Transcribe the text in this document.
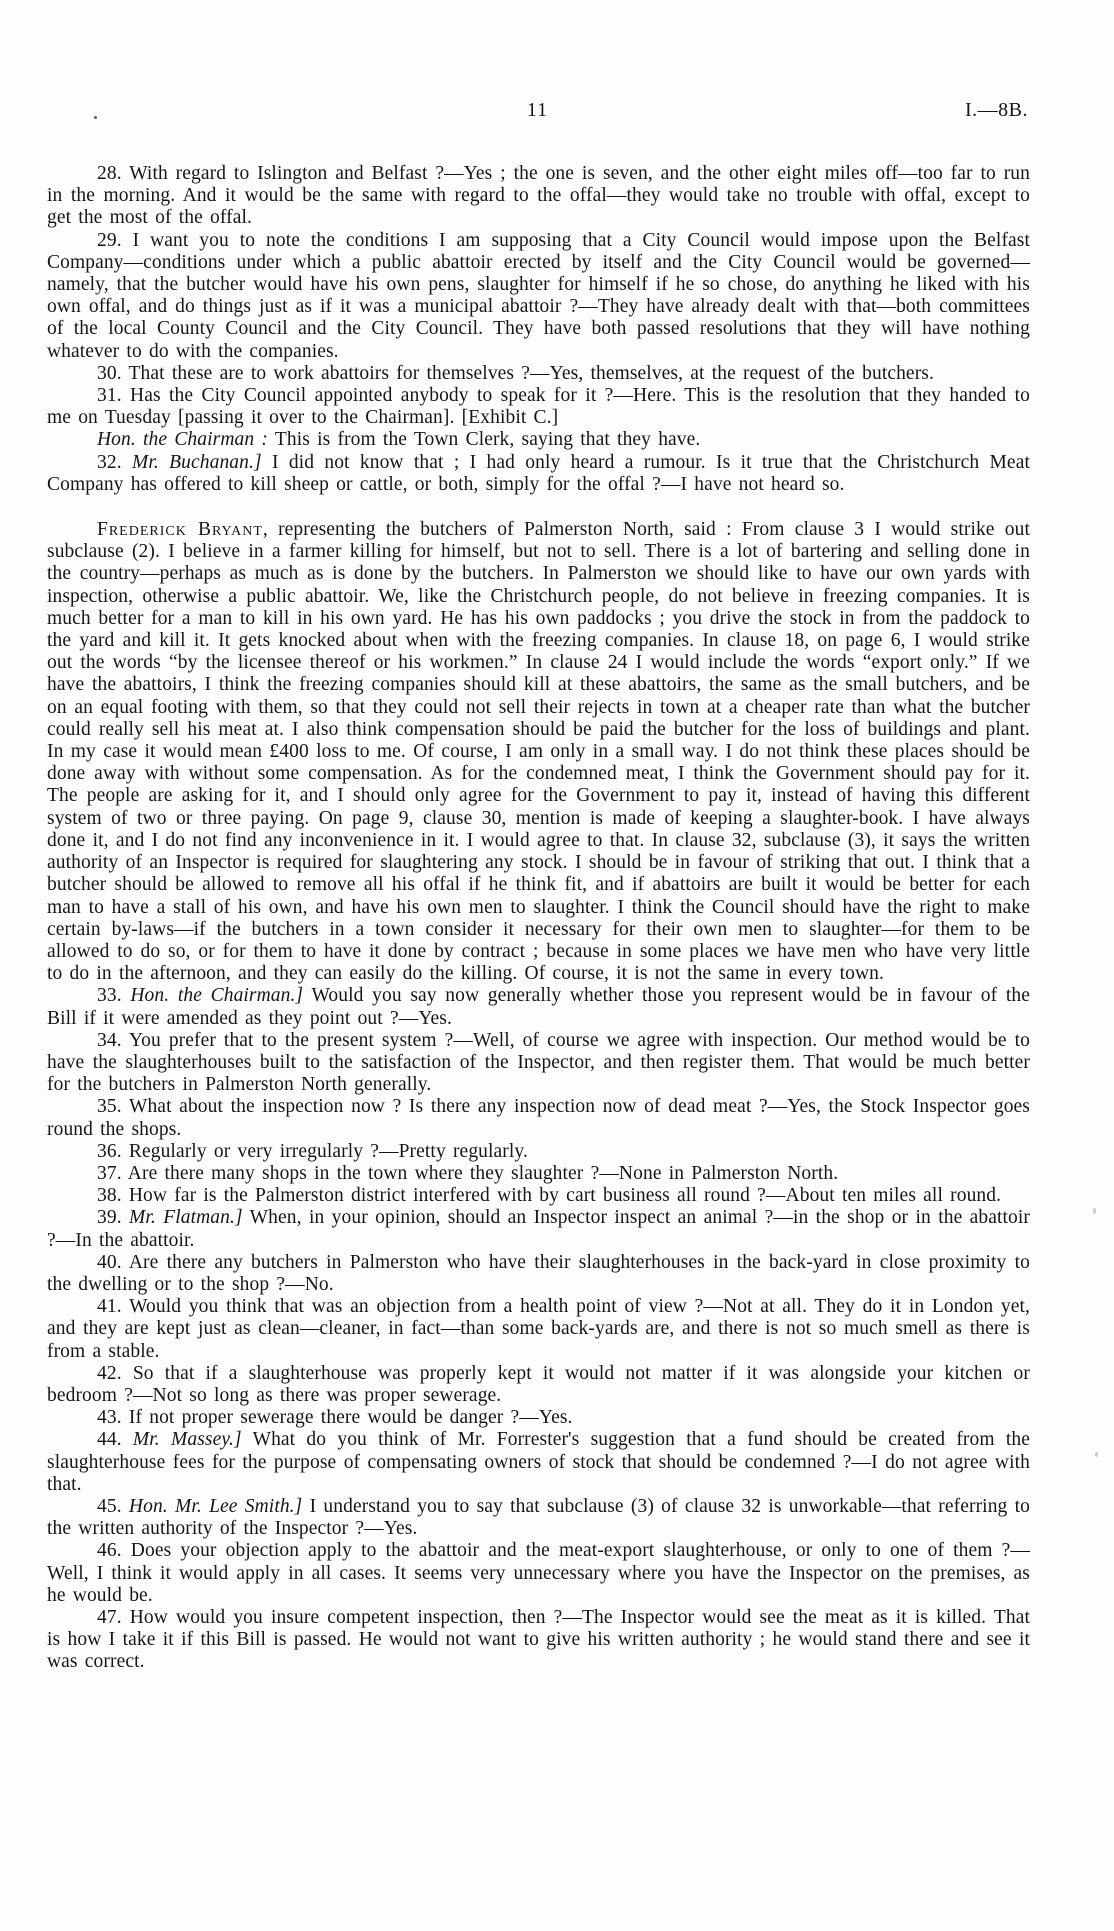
11	I.—8B.

28. With regard to Islington and Belfast ?—Yes ; the one is seven, and the other eight miles off—too far to run in the morning. And it would be the same with regard to the offal—they would take no trouble with offal, except to get the most of the offal.

29. I want you to note the conditions I am supposing that a City Council would impose upon the Belfast Company—conditions under which a public abattoir erected by itself and the City Council would be governed—namely, that the butcher would have his own pens, slaughter for himself if he so chose, do anything he liked with his own offal, and do things just as if it was a municipal abattoir ?—They have already dealt with that—both committees of the local County Council and the City Council. They have both passed resolutions that they will have nothing whatever to do with the companies.

30. That these are to work abattoirs for themselves ?—Yes, themselves, at the request of the butchers.

31. Has the City Council appointed anybody to speak for it ?—Here. This is the resolution that they handed to me on Tuesday [passing it over to the Chairman]. [Exhibit C.]

Hon. the Chairman : This is from the Town Clerk, saying that they have.

32. Mr. Buchanan.] I did not know that ; I had only heard a rumour. Is it true that the Christchurch Meat Company has offered to kill sheep or cattle, or both, simply for the offal ?—I have not heard so.

Frederick Bryant, representing the butchers of Palmerston North, said : From clause 3 I would strike out subclause (2). I believe in a farmer killing for himself, but not to sell. There is a lot of bartering and selling done in the country—perhaps as much as is done by the butchers. In Palmerston we should like to have our own yards with inspection, otherwise a public abattoir. We, like the Christchurch people, do not believe in freezing companies. It is much better for a man to kill in his own yard. He has his own paddocks ; you drive the stock in from the paddock to the yard and kill it. It gets knocked about when with the freezing companies. In clause 18, on page 6, I would strike out the words “by the licensee thereof or his workmen.” In clause 24 I would include the words “export only.” If we have the abattoirs, I think the freezing companies should kill at these abattoirs, the same as the small butchers, and be on an equal footing with them, so that they could not sell their rejects in town at a cheaper rate than what the butcher could really sell his meat at. I also think compensation should be paid the butcher for the loss of buildings and plant. In my case it would mean £400 loss to me. Of course, I am only in a small way. I do not think these places should be done away with without some compensation. As for the condemned meat, I think the Government should pay for it. The people are asking for it, and I should only agree for the Government to pay it, instead of having this different system of two or three paying. On page 9, clause 30, mention is made of keeping a slaughter-book. I have always done it, and I do not find any inconvenience in it. I would agree to that. In clause 32, subclause (3), it says the written authority of an Inspector is required for slaughtering any stock. I should be in favour of striking that out. I think that a butcher should be allowed to remove all his offal if he think fit, and if abattoirs are built it would be better for each man to have a stall of his own, and have his own men to slaughter. I think the Council should have the right to make certain by-laws—if the butchers in a town consider it necessary for their own men to slaughter—for them to be allowed to do so, or for them to have it done by contract ; because in some places we have men who have very little to do in the afternoon, and they can easily do the killing. Of course, it is not the same in every town.

33. Hon. the Chairman.] Would you say now generally whether those you represent would be in favour of the Bill if it were amended as they point out ?—Yes.

34. You prefer that to the present system ?—Well, of course we agree with inspection. Our method would be to have the slaughterhouses built to the satisfaction of the Inspector, and then register them. That would be much better for the butchers in Palmerston North generally.

35. What about the inspection now ? Is there any inspection now of dead meat ?—Yes, the Stock Inspector goes round the shops.

36. Regularly or very irregularly ?—Pretty regularly.

37. Are there many shops in the town where they slaughter ?—None in Palmerston North.

38. How far is the Palmerston district interfered with by cart business all round ?—About ten miles all round.

39. Mr. Flatman.] When, in your opinion, should an Inspector inspect an animal ?—in the shop or in the abattoir ?—In the abattoir.

40. Are there any butchers in Palmerston who have their slaughterhouses in the back-yard in close proximity to the dwelling or to the shop ?—No.

41. Would you think that was an objection from a health point of view ?—Not at all. They do it in London yet, and they are kept just as clean—cleaner, in fact—than some back-yards are, and there is not so much smell as there is from a stable.

42. So that if a slaughterhouse was properly kept it would not matter if it was alongside your kitchen or bedroom ?—Not so long as there was proper sewerage.

43. If not proper sewerage there would be danger ?—Yes.

44. Mr. Massey.] What do you think of Mr. Forrester's suggestion that a fund should be created from the slaughterhouse fees for the purpose of compensating owners of stock that should be condemned ?—I do not agree with that.

45. Hon. Mr. Lee Smith.] I understand you to say that subclause (3) of clause 32 is unworkable—that referring to the written authority of the Inspector ?—Yes.

46. Does your objection apply to the abattoir and the meat-export slaughterhouse, or only to one of them ?—Well, I think it would apply in all cases. It seems very unnecessary where you have the Inspector on the premises, as he would be.

47. How would you insure competent inspection, then ?—The Inspector would see the meat as it is killed. That is how I take it if this Bill is passed. He would not want to give his written authority ; he would stand there and see it was correct.
